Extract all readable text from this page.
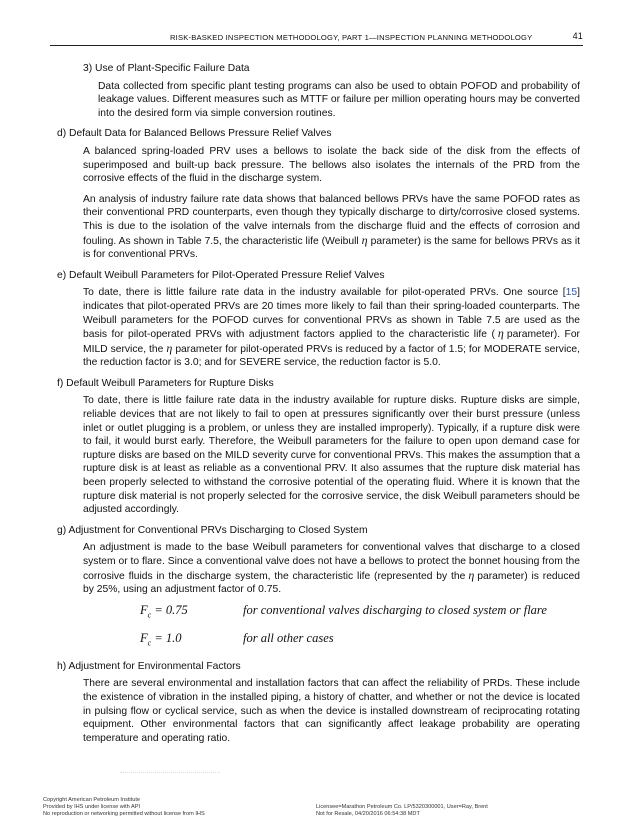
RISK-BASKED INSPECTION METHODOLOGY, PART 1—INSPECTION PLANNING METHODOLOGY	41
3) Use of Plant-Specific Failure Data

Data collected from specific plant testing programs can also be used to obtain POFOD and probability of leakage values. Different measures such as MTTF or failure per million operating hours may be converted into the desired form via simple conversion routines.

d) Default Data for Balanced Bellows Pressure Relief Valves

A balanced spring-loaded PRV uses a bellows to isolate the back side of the disk from the effects of superimposed and built-up back pressure. The bellows also isolates the internals of the PRD from the corrosive effects of the fluid in the discharge system.

An analysis of industry failure rate data shows that balanced bellows PRVs have the same POFOD rates as their conventional PRD counterparts, even though they typically discharge to dirty/corrosive closed systems. This is due to the isolation of the valve internals from the discharge fluid and the effects of corrosion and fouling. As shown in Table 7.5, the characteristic life (Weibull η parameter) is the same for bellows PRVs as it is for conventional PRVs.

e) Default Weibull Parameters for Pilot-Operated Pressure Relief Valves

To date, there is little failure rate data in the industry available for pilot-operated PRVs. One source [15] indicates that pilot-operated PRVs are 20 times more likely to fail than their spring-loaded counterparts. The Weibull parameters for the POFOD curves for conventional PRVs as shown in Table 7.5 are used as the basis for pilot-operated PRVs with adjustment factors applied to the characteristic life ( η parameter). For MILD service, the η parameter for pilot-operated PRVs is reduced by a factor of 1.5; for MODERATE service, the reduction factor is 3.0; and for SEVERE service, the reduction factor is 5.0.

f) Default Weibull Parameters for Rupture Disks

To date, there is little failure rate data in the industry available for rupture disks. Rupture disks are simple, reliable devices that are not likely to fail to open at pressures significantly over their burst pressure (unless inlet or outlet plugging is a problem, or unless they are installed improperly). Typically, if a rupture disk were to fail, it would burst early. Therefore, the Weibull parameters for the failure to open upon demand case for rupture disks are based on the MILD severity curve for conventional PRVs. This makes the assumption that a rupture disk is at least as reliable as a conventional PRV. It also assumes that the rupture disk material has been properly selected to withstand the corrosive potential of the operating fluid. Where it is known that the rupture disk material is not properly selected for the corrosive service, the disk Weibull parameters should be adjusted accordingly.

g) Adjustment for Conventional PRVs Discharging to Closed System

An adjustment is made to the base Weibull parameters for conventional valves that discharge to a closed system or to flare. Since a conventional valve does not have a bellows to protect the bonnet housing from the corrosive fluids in the discharge system, the characteristic life (represented by the η parameter) is reduced by 25%, using an adjustment factor of 0.75.

$F_c = 0.75$	for conventional valves discharging to closed system or flare
$F_c = 1.0$	for all other cases
h) Adjustment for Environmental Factors

There are several environmental and installation factors that can affect the reliability of PRDs. These include the existence of vibration in the installed piping, a history of chatter, and whether or not the device is located in pulsing flow or cyclical service, such as when the device is installed downstream of reciprocating rotating equipment. Other environmental factors that can significantly affect leakage probability are operating temperature and operating ratio.

Copyright American Petroleum Institute
Provided by IHS under license with API
No reproduction or networking permitted without license from IHS
Licensee=Marathon Petroleum Co. LP/5320300001, User=Ray, Brent
Not for Resale, 04/20/2016 06:54:38 MDT
